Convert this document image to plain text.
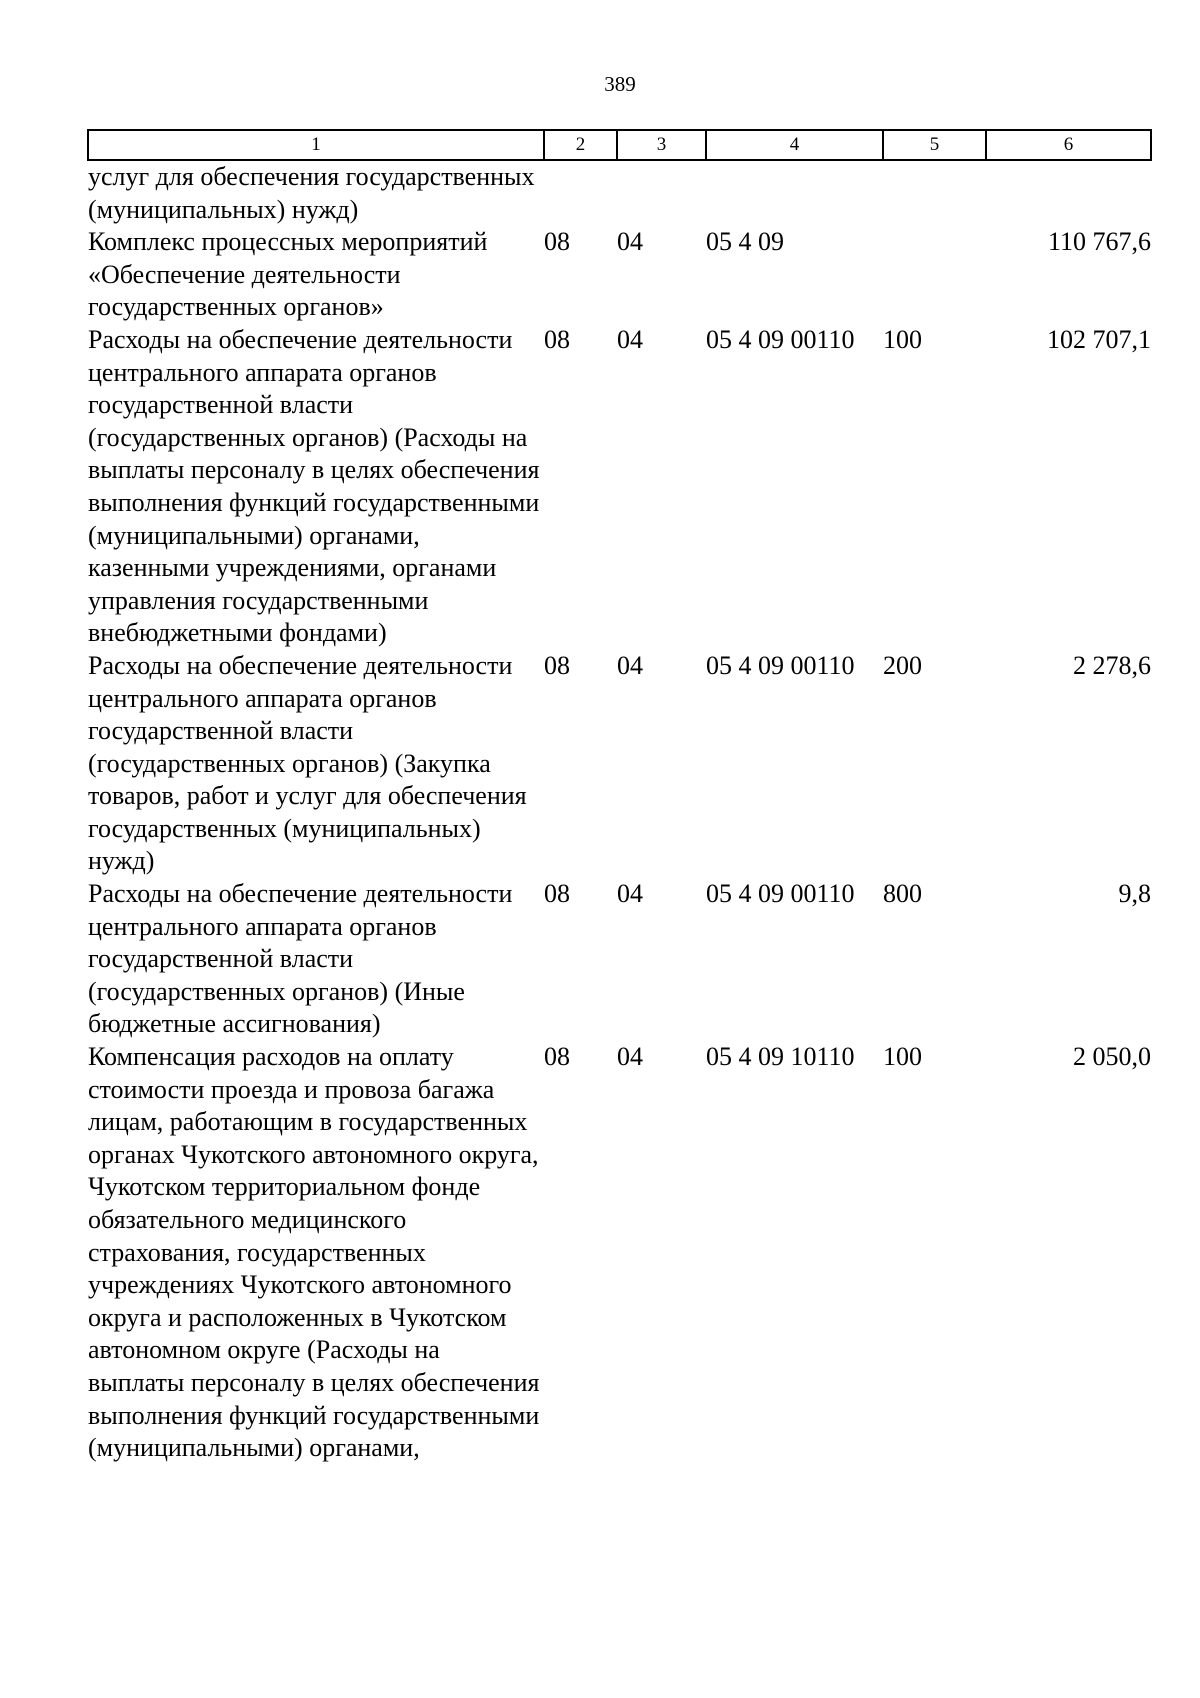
389
1	2	3	4	5	6
услуг для обеспечения государственных (муниципальных) нужд)					
Комплекс процессных мероприятий «Обеспечение деятельности государственных органов»	08	04	05 4 09		110 767,6
Расходы на обеспечение деятельности центрального аппарата органов государственной власти (государственных органов) (Расходы на выплаты персоналу в целях обеспечения выполнения функций государственными (муниципальными) органами, казенными учреждениями, органами управления государственными внебюджетными фондами)	08	04	05 4 09 00110	100	102 707,1
Расходы на обеспечение деятельности центрального аппарата органов государственной власти (государственных органов) (Закупка товаров, работ и услуг для обеспечения государственных (муниципальных) нужд)	08	04	05 4 09 00110	200	2 278,6
Расходы на обеспечение деятельности центрального аппарата органов государственной власти (государственных органов) (Иные бюджетные ассигнования)	08	04	05 4 09 00110	800	9,8
Компенсация расходов на оплату стоимости проезда и провоза багажа лицам, работающим в государственных органах Чукотского автономного округа, Чукотском территориальном фонде обязательного медицинского страхования, государственных учреждениях Чукотского автономного округа и расположенных в Чукотском автономном округе (Расходы на выплаты персоналу в целях обеспечения выполнения функций государственными (муниципальными) органами,	08	04	05 4 09 10110	100	2 050,0
